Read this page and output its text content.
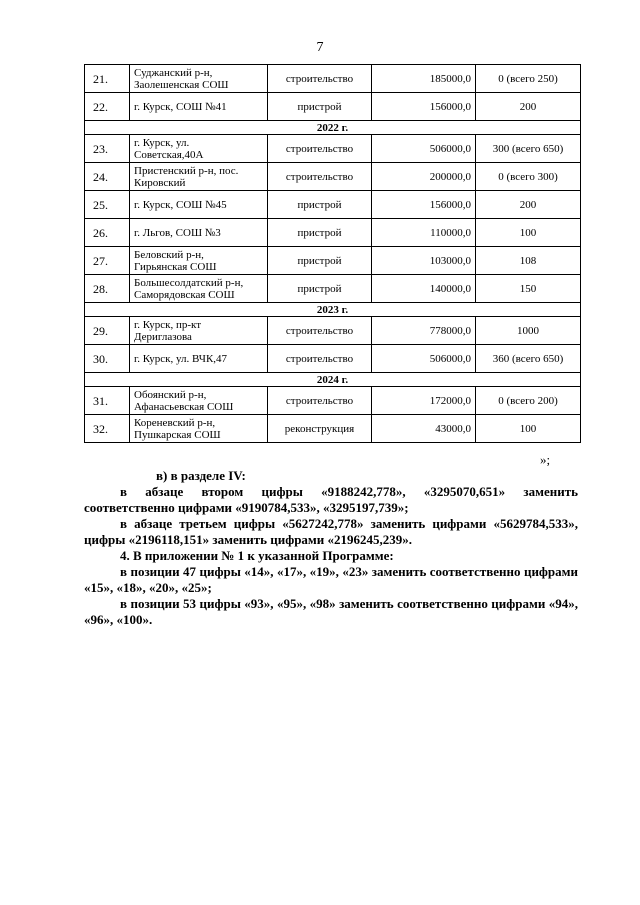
7
21.	Суджанский р-н,
Заолешенская СОШ	строительство	185000,0	0 (всего 250)
22.	г. Курск, СОШ №41	пристрой	156000,0	200
2022 г.				
23.	г. Курск, ул.
Советская,40А	строительство	506000,0	300 (всего 650)
24.	Пристенский р-н, пос.
Кировский	строительство	200000,0	0 (всего 300)
25.	г. Курск, СОШ №45	пристрой	156000,0	200
26.	г. Льгов, СОШ №3	пристрой	110000,0	100
27.	Беловский р-н,
Гирьянская СОШ	пристрой	103000,0	108
28.	Большесолдатский р-н,
Саморядовская СОШ	пристрой	140000,0	150
2023 г.				
29.	г. Курск, пр-кт
Дериглазова	строительство	778000,0	1000
30.	г. Курск, ул. ВЧК,47	строительство	506000,0	360 (всего 650)
2024 г.				
31.	Обоянский р-н,
Афанасьевская СОШ	строительство	172000,0	0 (всего 200)
32.	Кореневский р-н,
Пушкарская СОШ	реконструкция	43000,0	100
»;

в) в разделе IV:

в абзаце втором цифры «9188242,778», «3295070,651» заменить соответственно цифрами «9190784,533», «3295197,739»;

в абзаце третьем цифры «5627242,778» заменить цифрами «5629784,533», цифры «2196118,151» заменить цифрами «2196245,239».

4. В приложении № 1 к указанной Программе:

в позиции 47 цифры «14», «17», «19», «23» заменить соответственно цифрами «15», «18», «20», «25»;

в позиции 53 цифры «93», «95», «98» заменить соответственно цифрами «94», «96», «100».
